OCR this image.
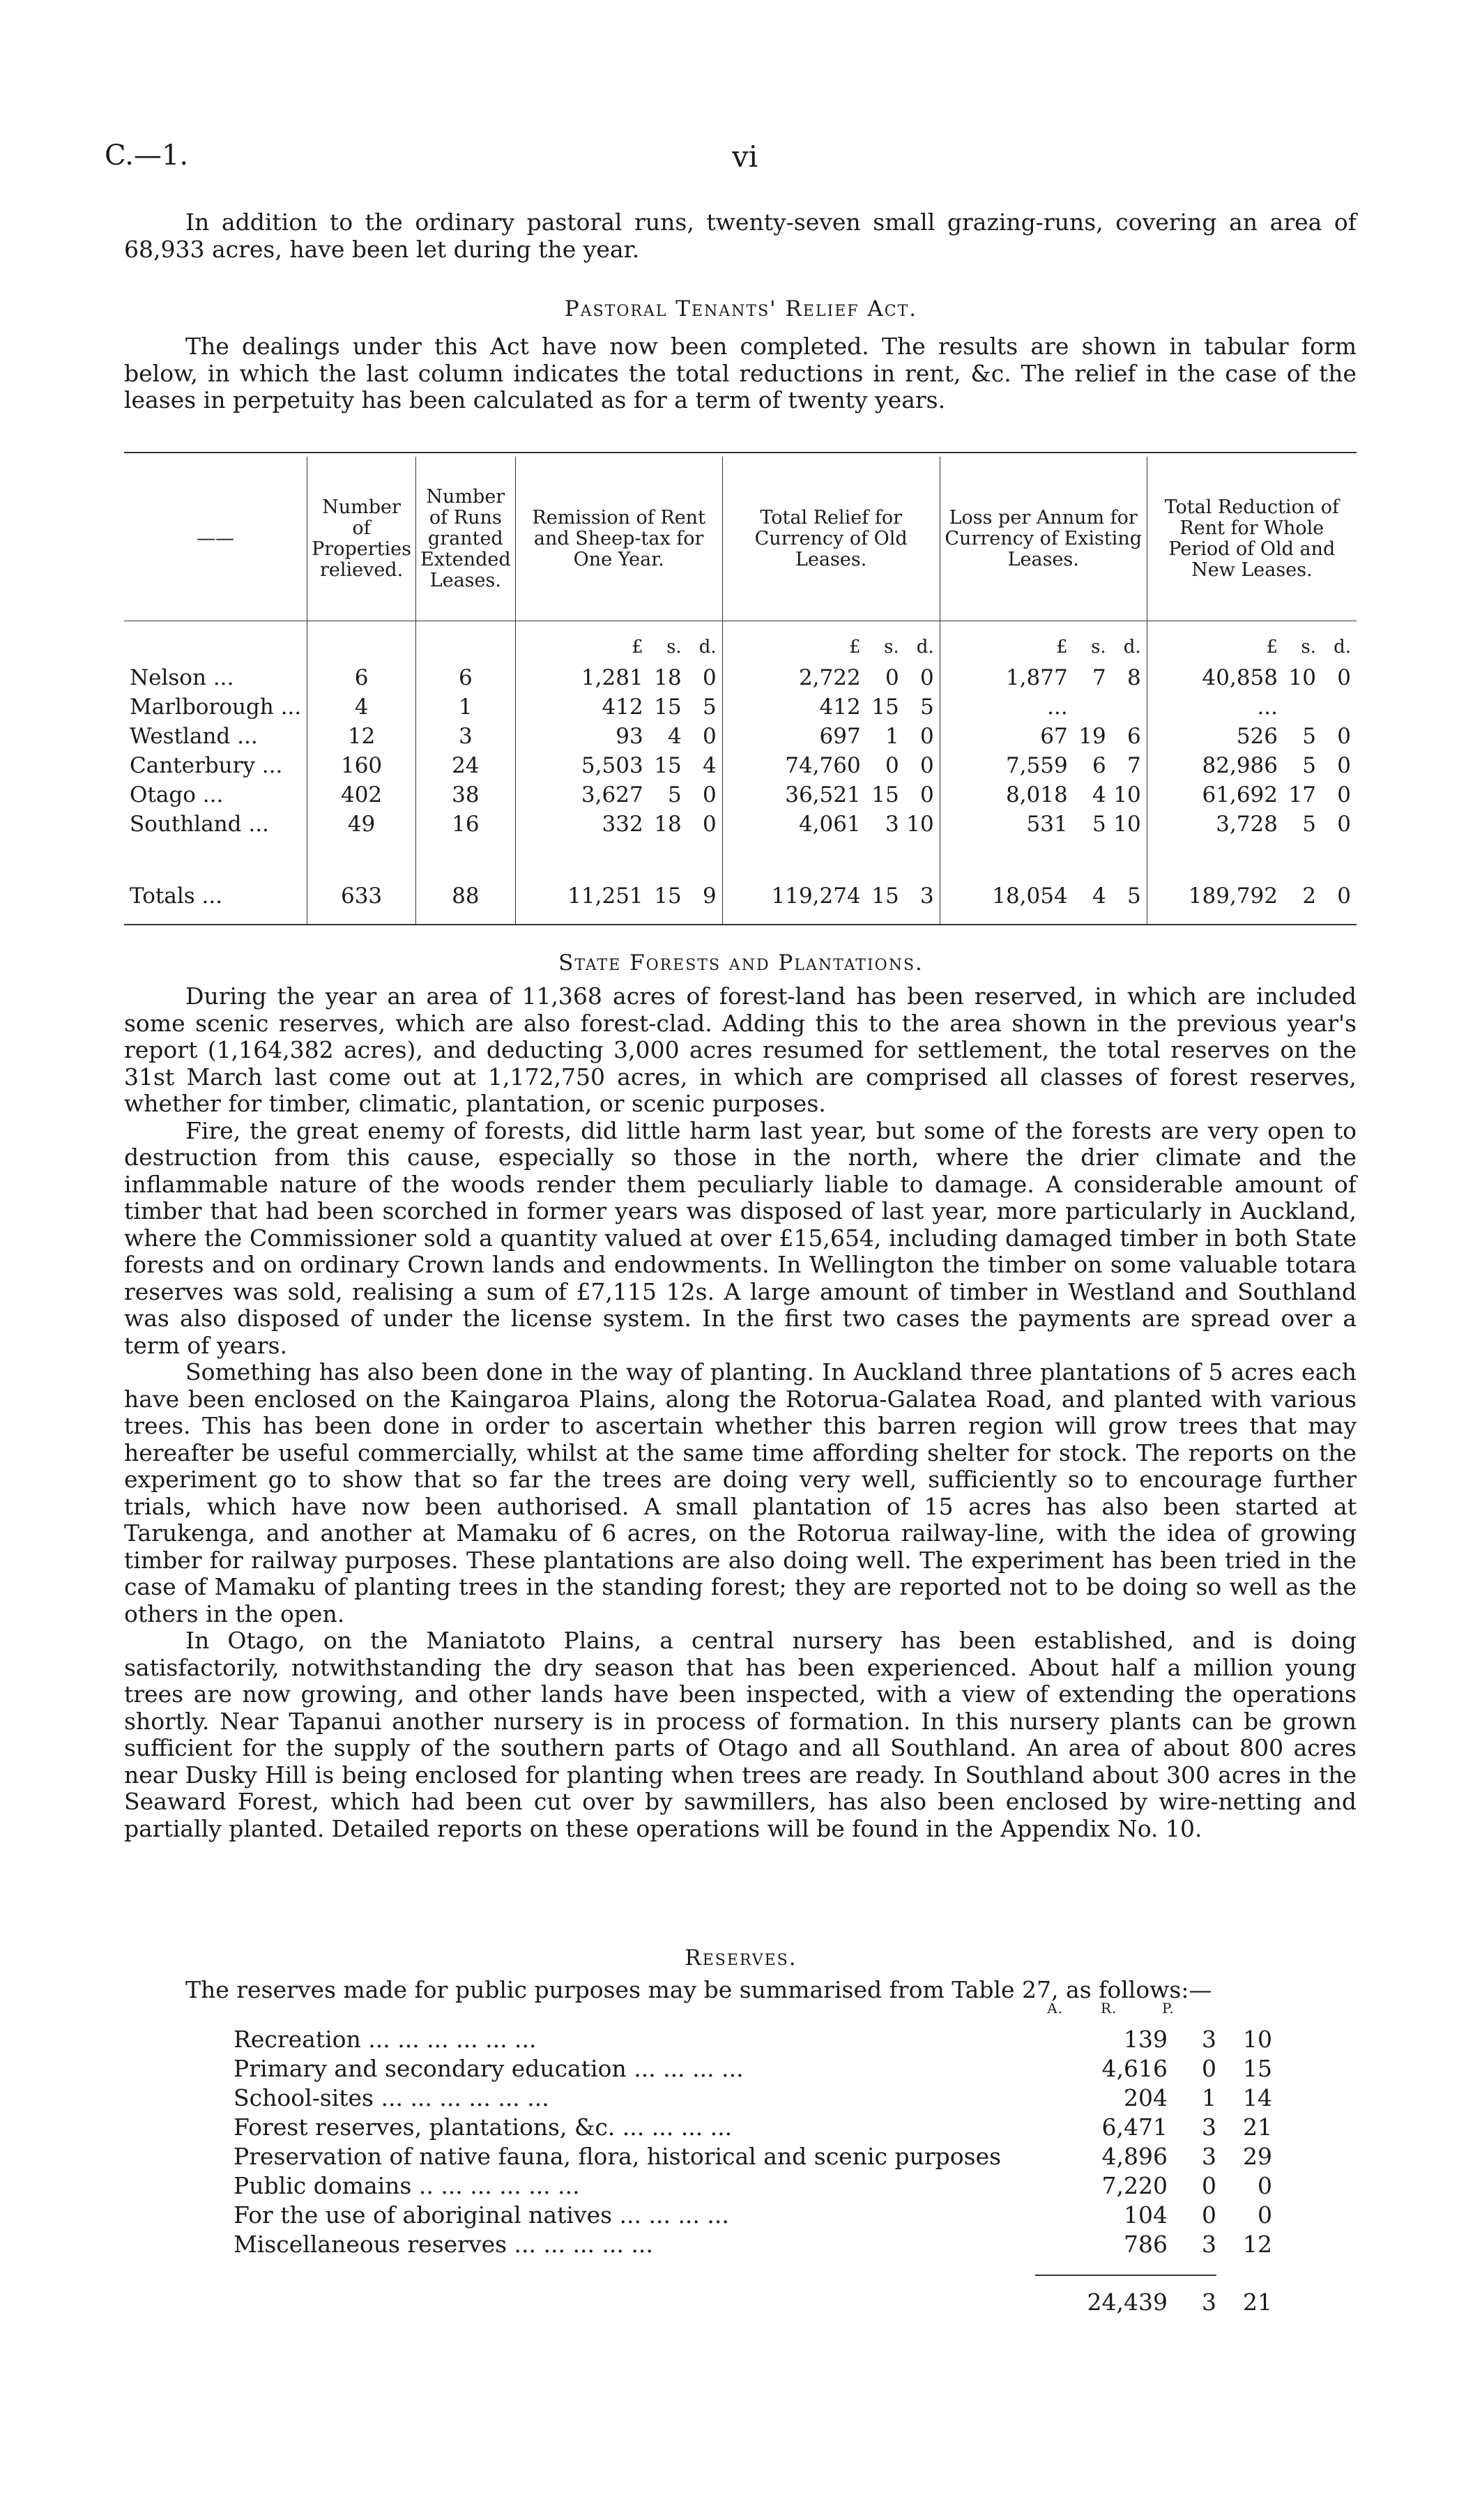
C.—1.	vi

In addition to the ordinary pastoral runs, twenty-seven small grazing-runs, covering an area of 68,933 acres, have been let during the year.

Pastoral Tenants' Relief Act.

The dealings under this Act have now been completed. The results are shown in tabular form below, in which the last column indicates the total reductions in rent, &c. The relief in the case of the leases in perpetuity has been calculated as for a term of twenty years.

——	Number of Properties relieved.	Number of Runs granted Extended Leases.	Remission of Rent and Sheep-tax for One Year.	Total Relief for Currency of Old Leases.	Loss per Annum for Currency of Existing Leases.	Total Reduction of Rent for Whole Period of Old and New Leases.
			£ s. d.	£ s. d.	£ s. d.	£ s. d.
Nelson ...	6	6	1,281 18 0	2,722 0 0	1,877 7 8	40,858 10 0
Marlborough ...	4	1	412 15 5	412 15 5	...	...
Westland ...	12	3	93 4 0	697 1 0	67 19 6	526 5 0
Canterbury ...	160	24	5,503 15 4	74,760 0 0	7,559 6 7	82,986 5 0
Otago ...	402	38	3,627 5 0	36,521 15 0	8,018 4 10	61,692 17 0
Southland ...	49	16	332 18 0	4,061 3 10	531 5 10	3,728 5 0

Totals ...	633	88	11,251 15 9	119,274 15 3	18,054 4 5	189,792 2 0
State Forests and Plantations.

During the year an area of 11,368 acres of forest-land has been reserved, in which are included some scenic reserves, which are also forest-clad. Adding this to the area shown in the previous year's report (1,164,382 acres), and deducting 3,000 acres resumed for settlement, the total reserves on the 31st March last come out at 1,172,750 acres, in which are comprised all classes of forest reserves, whether for timber, climatic, plantation, or scenic purposes.

Fire, the great enemy of forests, did little harm last year, but some of the forests are very open to destruction from this cause, especially so those in the north, where the drier climate and the inflammable nature of the woods render them peculiarly liable to damage. A considerable amount of timber that had been scorched in former years was disposed of last year, more particularly in Auckland, where the Commissioner sold a quantity valued at over £15,654, including damaged timber in both State forests and on ordinary Crown lands and endowments. In Wellington the timber on some valuable totara reserves was sold, realising a sum of £7,115 12s. A large amount of timber in Westland and Southland was also disposed of under the license system. In the first two cases the payments are spread over a term of years.

Something has also been done in the way of planting. In Auckland three plantations of 5 acres each have been enclosed on the Kaingaroa Plains, along the Rotorua-Galatea Road, and planted with various trees. This has been done in order to ascertain whether this barren region will grow trees that may hereafter be useful commercially, whilst at the same time affording shelter for stock. The reports on the experiment go to show that so far the trees are doing very well, sufficiently so to encourage further trials, which have now been authorised. A small plantation of 15 acres has also been started at Tarukenga, and another at Mamaku of 6 acres, on the Rotorua railway-line, with the idea of growing timber for railway purposes. These plantations are also doing well. The experiment has been tried in the case of Mamaku of planting trees in the standing forest; they are reported not to be doing so well as the others in the open.

In Otago, on the Maniatoto Plains, a central nursery has been established, and is doing satisfactorily, notwithstanding the dry season that has been experienced. About half a million young trees are now growing, and other lands have been inspected, with a view of extending the operations shortly. Near Tapanui another nursery is in process of formation. In this nursery plants can be grown sufficient for the supply of the southern parts of Otago and all Southland. An area of about 800 acres near Dusky Hill is being enclosed for planting when trees are ready. In Southland about 300 acres in the Seaward Forest, which had been cut over by sawmillers, has also been enclosed by wire-netting and partially planted. Detailed reports on these operations will be found in the Appendix No. 10.

Reserves.

The reserves made for public purposes may be summarised from Table 27, as follows:—

A.	R.	P.
Recreation ... ... ... ... ... ...	139	3	10
Primary and secondary education ... ... ... ...	4,616	0	15
School-sites ... ... ... ... ... ...	204	1	14
Forest reserves, plantations, &c. ... ... ... ...	6,471	3	21
Preservation of native fauna, flora, historical and scenic purposes	4,896	3	29
Public domains .. ... ... ... ... ...	7,220	0	0
For the use of aboriginal natives ... ... ... ...	104	0	0
Miscellaneous reserves ... ... ... ... ...	786	3	12
24,439	3	21
